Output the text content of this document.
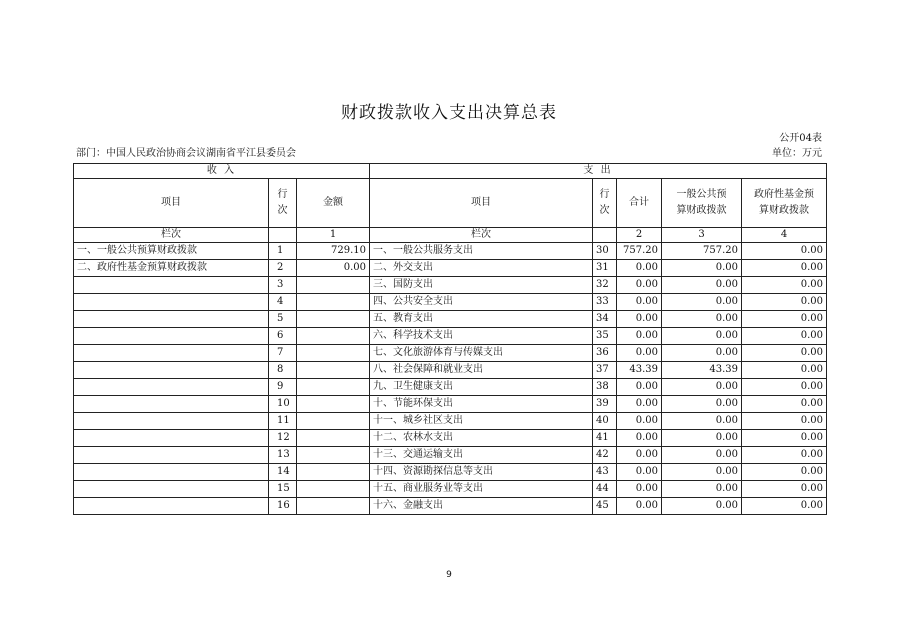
财政拨款收入支出决算总表
公开04表
部门：中国人民政治协商会议湖南省平江县委员会	单位：万元
收 入			支 出				
项目	行次	金额	项目	行次	合计	一般公共预算财政拨款	政府性基金预算财政拨款
栏次		1	栏次		2	3	4
一、一般公共预算财政拨款	1	729.10	一、一般公共服务支出	30	757.20	757.20	0.00
二、政府性基金预算财政拨款	2	0.00	二、外交支出	31	0.00	0.00	0.00
	3		三、国防支出	32	0.00	0.00	0.00
	4		四、公共安全支出	33	0.00	0.00	0.00
	5		五、教育支出	34	0.00	0.00	0.00
	6		六、科学技术支出	35	0.00	0.00	0.00
	7		七、文化旅游体育与传媒支出	36	0.00	0.00	0.00
	8		八、社会保障和就业支出	37	43.39	43.39	0.00
	9		九、卫生健康支出	38	0.00	0.00	0.00
	10		十、节能环保支出	39	0.00	0.00	0.00
	11		十一、城乡社区支出	40	0.00	0.00	0.00
	12		十二、农林水支出	41	0.00	0.00	0.00
	13		十三、交通运输支出	42	0.00	0.00	0.00
	14		十四、资源勘探信息等支出	43	0.00	0.00	0.00
	15		十五、商业服务业等支出	44	0.00	0.00	0.00
	16		十六、金融支出	45	0.00	0.00	0.00
9
